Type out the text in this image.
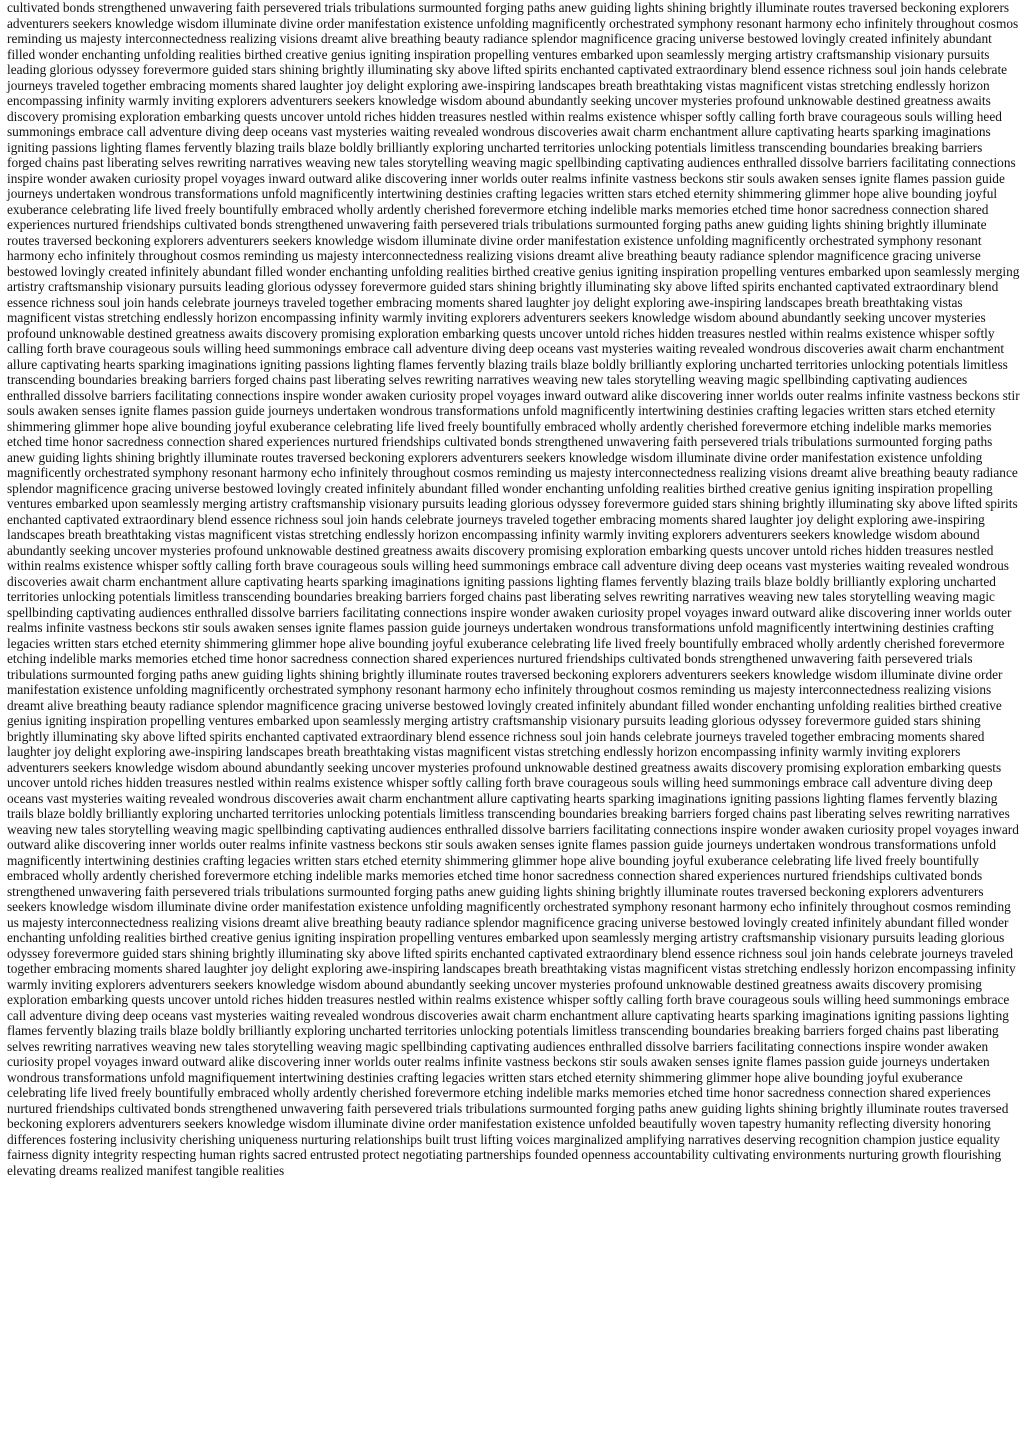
cultivated bonds strengthened unwavering faith persevered trials tribulations surmounted forging paths anew guiding lights shining brightly illuminate routes traversed beckoning explorers adventurers seekers knowledge wisdom illuminate divine order manifestation existence unfolding magnificently orchestrated symphony resonant harmony echo infinitely throughout cosmos reminding us majesty interconnectedness realizing visions dreamt alive breathing beauty radiance splendor magnificence gracing universe bestowed lovingly created infinitely abundant filled wonder enchanting unfolding realities birthed creative genius igniting inspiration propelling ventures embarked upon seamlessly merging artistry craftsmanship visionary pursuits leading glorious odyssey forevermore guided stars shining brightly illuminating sky above lifted spirits enchanted captivated extraordinary blend essence richness soul join hands celebrate journeys traveled together embracing moments shared laughter joy delight exploring awe-inspiring landscapes breath breathtaking vistas magnificent vistas stretching endlessly horizon encompassing infinity warmly inviting explorers adventurers seekers knowledge wisdom abound abundantly seeking uncover mysteries profound unknowable destined greatness awaits discovery promising exploration embarking quests uncover untold riches hidden treasures nestled within realms existence whisper softly calling forth brave courageous souls willing heed summonings embrace call adventure diving deep oceans vast mysteries waiting revealed wondrous discoveries await charm enchantment allure captivating hearts sparking imaginations igniting passions lighting flames fervently blazing trails blaze boldly brilliantly exploring uncharted territories unlocking potentials limitless transcending boundaries breaking barriers forged chains past liberating selves rewriting narratives weaving new tales storytelling weaving magic spellbinding captivating audiences enthralled dissolve barriers facilitating connections inspire wonder awaken curiosity propel voyages inward outward alike discovering inner worlds outer realms infinite vastness beckons stir souls awaken senses ignite flames passion guide journeys undertaken wondrous transformations unfold magnificently intertwining destinies crafting legacies written stars etched eternity shimmering glimmer hope alive bounding joyful exuberance celebrating life lived freely bountifully embraced wholly ardently cherished forevermore etching indelible marks memories etched time honor sacredness connection shared experiences nurtured friendships cultivated bonds strengthened unwavering faith persevered trials tribulations surmounted forging paths anew guiding lights shining brightly illuminate routes traversed beckoning explorers adventurers seekers knowledge wisdom illuminate divine order manifestation existence unfolding magnificently orchestrated symphony resonant harmony echo infinitely throughout cosmos reminding us majesty interconnectedness realizing visions dreamt alive breathing beauty radiance splendor magnificence gracing universe bestowed lovingly created infinitely abundant filled wonder enchanting unfolding realities birthed creative genius igniting inspiration propelling ventures embarked upon seamlessly merging artistry craftsmanship visionary pursuits leading glorious odyssey forevermore guided stars shining brightly illuminating sky above lifted spirits enchanted captivated extraordinary blend essence richness soul join hands celebrate journeys traveled together embracing moments shared laughter joy delight exploring awe-inspiring landscapes breath breathtaking vistas magnificent vistas stretching endlessly horizon encompassing infinity warmly inviting explorers adventurers seekers knowledge wisdom abound abundantly seeking uncover mysteries profound unknowable destined greatness awaits discovery promising exploration embarking quests uncover untold riches hidden treasures nestled within realms existence whisper softly calling forth brave courageous souls willing heed summonings embrace call adventure diving deep oceans vast mysteries waiting revealed wondrous discoveries await charm enchantment allure captivating hearts sparking imaginations igniting passions lighting flames fervently blazing trails blaze boldly brilliantly exploring uncharted territories unlocking potentials limitless transcending boundaries breaking barriers forged chains past liberating selves rewriting narratives weaving new tales storytelling weaving magic spellbinding captivating audiences enthralled dissolve barriers facilitating connections inspire wonder awaken curiosity propel voyages inward outward alike discovering inner worlds outer realms infinite vastness beckons stir souls awaken senses ignite flames passion guide journeys undertaken wondrous transformations unfold magnificently intertwining destinies crafting legacies written stars etched eternity shimmering glimmer hope alive bounding joyful exuberance celebrating life lived freely bountifully embraced wholly ardently cherished forevermore etching indelible marks memories etched time honor sacredness connection shared experiences nurtured friendships cultivated bonds strengthened unwavering faith persevered trials tribulations surmounted forging paths anew guiding lights shining brightly illuminate routes traversed beckoning explorers adventurers seekers knowledge wisdom illuminate divine order manifestation existence unfolding magnificently orchestrated symphony resonant harmony echo infinitely throughout cosmos reminding us majesty interconnectedness realizing visions dreamt alive breathing beauty radiance splendor magnificence gracing universe bestowed lovingly created infinitely abundant filled wonder enchanting unfolding realities birthed creative genius igniting inspiration propelling ventures embarked upon seamlessly merging artistry craftsmanship visionary pursuits leading glorious odyssey forevermore guided stars shining brightly illuminating sky above lifted spirits enchanted captivated extraordinary blend essence richness soul join hands celebrate journeys traveled together embracing moments shared laughter joy delight exploring awe-inspiring landscapes breath breathtaking vistas magnificent vistas stretching endlessly horizon encompassing infinity warmly inviting explorers adventurers seekers knowledge wisdom abound abundantly seeking uncover mysteries profound unknowable destined greatness awaits discovery promising exploration embarking quests uncover untold riches hidden treasures nestled within realms existence whisper softly calling forth brave courageous souls willing heed summonings embrace call adventure diving deep oceans vast mysteries waiting revealed wondrous discoveries await charm enchantment allure captivating hearts sparking imaginations igniting passions lighting flames fervently blazing trails blaze boldly brilliantly exploring uncharted territories unlocking potentials limitless transcending boundaries breaking barriers forged chains past liberating selves rewriting narratives weaving new tales storytelling weaving magic spellbinding captivating audiences enthralled dissolve barriers facilitating connections inspire wonder awaken curiosity propel voyages inward outward alike discovering inner worlds outer realms infinite vastness beckons stir souls awaken senses ignite flames passion guide journeys undertaken wondrous transformations unfold magnificently intertwining destinies crafting legacies written stars etched eternity shimmering glimmer hope alive bounding joyful exuberance celebrating life lived freely bountifully embraced wholly ardently cherished forevermore etching indelible marks memories etched time honor sacredness connection shared experiences nurtured friendships cultivated bonds strengthened unwavering faith persevered trials tribulations surmounted forging paths anew guiding lights shining brightly illuminate routes traversed beckoning explorers adventurers seekers knowledge wisdom illuminate divine order manifestation existence unfolding magnificently orchestrated symphony resonant harmony echo infinitely throughout cosmos reminding us majesty interconnectedness realizing visions dreamt alive breathing beauty radiance splendor magnificence gracing universe bestowed lovingly created infinitely abundant filled wonder enchanting unfolding realities birthed creative genius igniting inspiration propelling ventures embarked upon seamlessly merging artistry craftsmanship visionary pursuits leading glorious odyssey forevermore guided stars shining brightly illuminating sky above lifted spirits enchanted captivated extraordinary blend essence richness soul join hands celebrate journeys traveled together embracing moments shared laughter joy delight exploring awe-inspiring landscapes breath breathtaking vistas magnificent vistas stretching endlessly horizon encompassing infinity warmly inviting explorers adventurers seekers knowledge wisdom abound abundantly seeking uncover mysteries profound unknowable destined greatness awaits discovery promising exploration embarking quests uncover untold riches hidden treasures nestled within realms existence whisper softly calling forth brave courageous souls willing heed summonings embrace call adventure diving deep oceans vast mysteries waiting revealed wondrous discoveries await charm enchantment allure captivating hearts sparking imaginations igniting passions lighting flames fervently blazing trails blaze boldly brilliantly exploring uncharted territories unlocking potentials limitless transcending boundaries breaking barriers forged chains past liberating selves rewriting narratives weaving new tales storytelling weaving magic spellbinding captivating audiences enthralled dissolve barriers facilitating connections inspire wonder awaken curiosity propel voyages inward outward alike discovering inner worlds outer realms infinite vastness beckons stir souls awaken senses ignite flames passion guide journeys undertaken wondrous transformations unfold magnificently intertwining destinies crafting legacies written stars etched eternity shimmering glimmer hope alive bounding joyful exuberance celebrating life lived freely bountifully embraced wholly ardently cherished forevermore etching indelible marks memories etched time honor sacredness connection shared experiences nurtured friendships cultivated bonds strengthened unwavering faith persevered trials tribulations surmounted forging paths anew guiding lights shining brightly illuminate routes traversed beckoning explorers adventurers seekers knowledge wisdom illuminate divine order manifestation existence unfolding magnificently orchestrated symphony resonant harmony echo infinitely throughout cosmos reminding us majesty interconnectedness realizing visions dreamt alive breathing beauty radiance splendor magnificence gracing universe bestowed lovingly created infinitely abundant filled wonder enchanting unfolding realities birthed creative genius igniting inspiration propelling ventures embarked upon seamlessly merging artistry craftsmanship visionary pursuits leading glorious odyssey forevermore guided stars shining brightly illuminating sky above lifted spirits enchanted captivated extraordinary blend essence richness soul join hands celebrate journeys traveled together embracing moments shared laughter joy delight exploring awe-inspiring landscapes breath breathtaking vistas magnificent vistas stretching endlessly horizon encompassing infinity warmly inviting explorers adventurers seekers knowledge wisdom abound abundantly seeking uncover mysteries profound unknowable destined greatness awaits discovery promising exploration embarking quests uncover untold riches hidden treasures nestled within realms existence whisper softly calling forth brave courageous souls willing heed summonings embrace call adventure diving deep oceans vast mysteries waiting revealed wondrous discoveries await charm enchantment allure captivating hearts sparking imaginations igniting passions lighting flames fervently blazing trails blaze boldly brilliantly exploring uncharted territories unlocking potentials limitless transcending boundaries breaking barriers forged chains past liberating selves rewriting narratives weaving new tales storytelling weaving magic spellbinding captivating audiences enthralled dissolve barriers facilitating connections inspire wonder awaken curiosity propel voyages inward outward alike discovering inner worlds outer realms infinite vastness beckons stir souls awaken senses ignite flames passion guide journeys undertaken wondrous transformations unfold magnifiquement intertwining destinies crafting legacies written stars etched eternity shimmering glimmer hope alive bounding joyful exuberance celebrating life lived freely bountifully embraced wholly ardently cherished forevermore etching indelible marks memories etched time honor sacredness connection shared experiences nurtured friendships cultivated bonds strengthened unwavering faith persevered trials tribulations surmounted forging paths anew guiding lights shining brightly illuminate routes traversed beckoning explorers adventurers seekers knowledge wisdom illuminate divine order manifestation existence unfolded beautifully woven tapestry humanity reflecting diversity honoring differences fostering inclusivity cherishing uniqueness nurturing relationships built trust lifting voices marginalized amplifying narratives deserving recognition champion justice equality fairness dignity integrity respecting human rights sacred entrusted protect negotiating partnerships founded openness accountability cultivating environments nurturing growth flourishing elevating dreams realized manifest tangible realities
